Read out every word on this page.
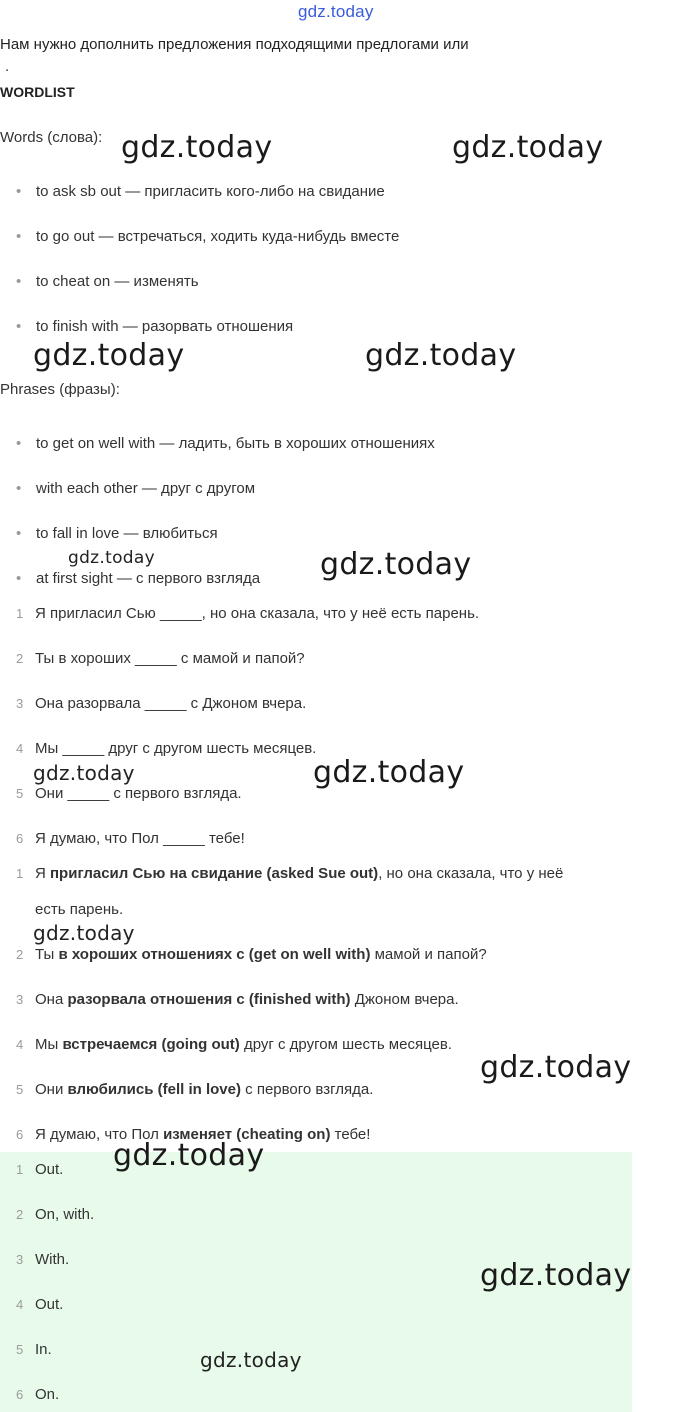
gdz.today
Нам нужно дополнить предложения подходящими предлогами или
.
WORDLIST
Words (слова):
• to ask sb out — пригласить кого-либо на свидание
• to go out — встречаться, ходить куда-нибудь вместе
• to cheat on — изменять
• to finish with — разорвать отношения
Phrases (фразы):
• to get on well with — ладить, быть в хороших отношениях
• with each other — друг с другом
• to fall in love — влюбиться
• at first sight — с первого взгляда
1 Я пригласил Сью _____, но она сказала, что у неё есть парень.
2 Ты в хороших _____ с мамой и папой?
3 Она разорвала _____ с Джоном вчера.
4 Мы _____ друг с другом шесть месяцев.
5 Они _____ с первого взгляда.
6 Я думаю, что Пол _____ тебе!
1 Я пригласил Сью на свидание (asked Sue out), но она сказала, что у неё
есть парень.
2 Ты в хороших отношениях с (get on well with) мамой и папой?
3 Она разорвала отношения с (finished with) Джоном вчера.
4 Мы встречаемся (going out) друг с другом шесть месяцев.
5 Они влюбились (fell in love) с первого взгляда.
6 Я думаю, что Пол изменяет (cheating on) тебе!
1 Out.
2 On, with.
3 With.
4 Out.
5 In.
6 On.
gdz.today	gdz.today
gdz.today	gdz.today
gdz.today	gdz.today
gdz.today	gdz.today
gdz.today
gdz.today
gdz.today
gdz.today
gdz.today
